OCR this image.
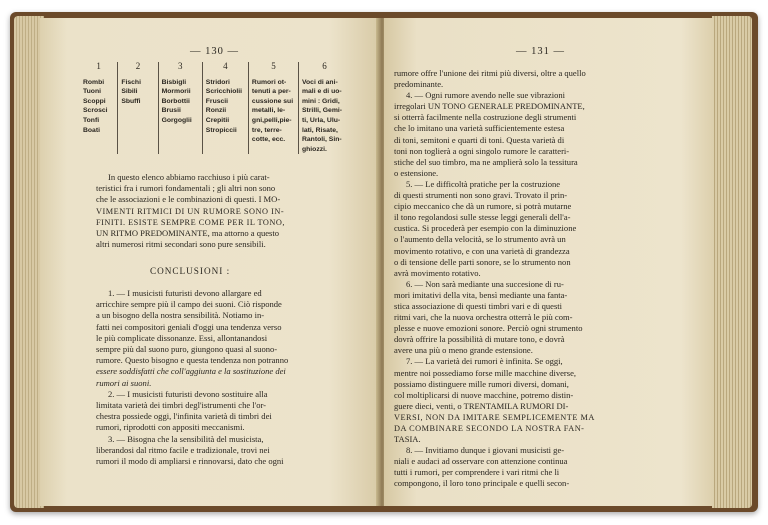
— 130 —
1
Rombi
Tuoni
Scoppi
Scrosci
Tonfi
Boati
2
Fischi
Sibili
Sbuffi
3
Bisbigli
Mormorii
Borbottii
Brusii
Gorgoglii
4
Stridori
Scricchiolii
Fruscii
Ronzii
Crepitii
Stropiccii
5
Rumori ot-
tenuti a per-
cussione sui
metalli, le-
gni,pelli,pie-
tre, terre-
cotte, ecc.
6
Voci di ani-
mali e di uo-
mini : Gridi,
Strilli, Gemi-
ti, Urla, Ulu-
lati, Risate,
Rantoli, Sin-
ghiozzi.

In questo elenco abbiamo racchiuso i più carat-

teristici fra i rumori fondamentali ; gli altri non sono

che le associazioni e le combinazioni di questi. I MO-

VIMENTI RITMICI DI UN RUMORE SONO IN-

FINITI. ESISTE SEMPRE COME PER IL TONO,

UN RITMO PREDOMINANTE, ma attorno a questo

altri numerosi ritmi secondari sono pure sensibili.

CONCLUSIONI :

1. — I musicisti futuristi devono allargare ed

arricchire sempre più il campo dei suoni. Ciò risponde

a un bisogno della nostra sensibilità. Notiamo in-

fatti nei compositori geniali d'oggi una tendenza verso

le più complicate dissonanze. Essi, allontanandosi

sempre più dal suono puro, giungono quasi al suono-

rumore. Questo bisogno e questa tendenza non potranno

essere soddisfatti che coll'aggiunta e la sostituzione dei

rumori ai suoni.

2. — I musicisti futuristi devono sostituire alla

limitata varietà dei timbri degl'istrumenti che l'or-

chestra possiede oggi, l'infinita varietà di timbri dei

rumori, riprodotti con appositi meccanismi.

3. — Bisogna che la sensibilità del musicista,

liberandosi dal ritmo facile e tradizionale, trovi nei

rumori il modo di ampliarsi e rinnovarsi, dato che ogni

— 131 —

rumore offre l'unione dei ritmi più diversi, oltre a quello

predominante.

4. — Ogni rumore avendo nelle sue vibrazioni

irregolari UN TONO GENERALE PREDOMINANTE,

si otterrà facilmente nella costruzione degli strumenti

che lo imitano una varietà sufficientemente estesa

di toni, semitoni e quarti di toni. Questa varietà di

toni non toglierà a ogni singolo rumore le caratteri-

stiche del suo timbro, ma ne amplierà solo la tessitura

o estensione.

5. — Le difficoltà pratiche per la costruzione

di questi strumenti non sono gravi. Trovato il prin-

cipio meccanico che dà un rumore, si potrà mutarne

il tono regolandosi sulle stesse leggi generali dell'a-

custica. Si procederà per esempio con la diminuzione

o l'aumento della velocità, se lo strumento avrà un

movimento rotativo, e con una varietà di grandezza

o di tensione delle parti sonore, se lo strumento non

avrà movimento rotativo.

6. — Non sarà mediante una succesione di ru-

mori imitativi della vita, bensì mediante una fanta-

stica associazione di questi timbri vari e di questi

ritmi vari, che la nuova orchestra otterrà le più com-

plesse e nuove emozioni sonore. Perciò ogni strumento

dovrà offrire la possibilità di mutare tono, e dovrà

avere una più o meno grande estensione.

7. — La varietà dei rumori è infinita. Se oggi,

mentre noi possediamo forse mille macchine diverse,

possiamo distinguere mille rumori diversi, domani,

col moltiplicarsi di nuove macchine, potremo distin-

guere dieci, venti, o TRENTAMILA RUMORI DI-

VERSI, NON DA IMITARE SEMPLICEMENTE MA

DA COMBINARE SECONDO LA NOSTRA FAN-

TASIA.

8. — Invitiamo dunque i giovani musicisti ge-

niali e audaci ad osservare con attenzione continua

tutti i rumori, per comprendere i vari ritmi che li

compongono, il loro tono principale e quelli secon-
